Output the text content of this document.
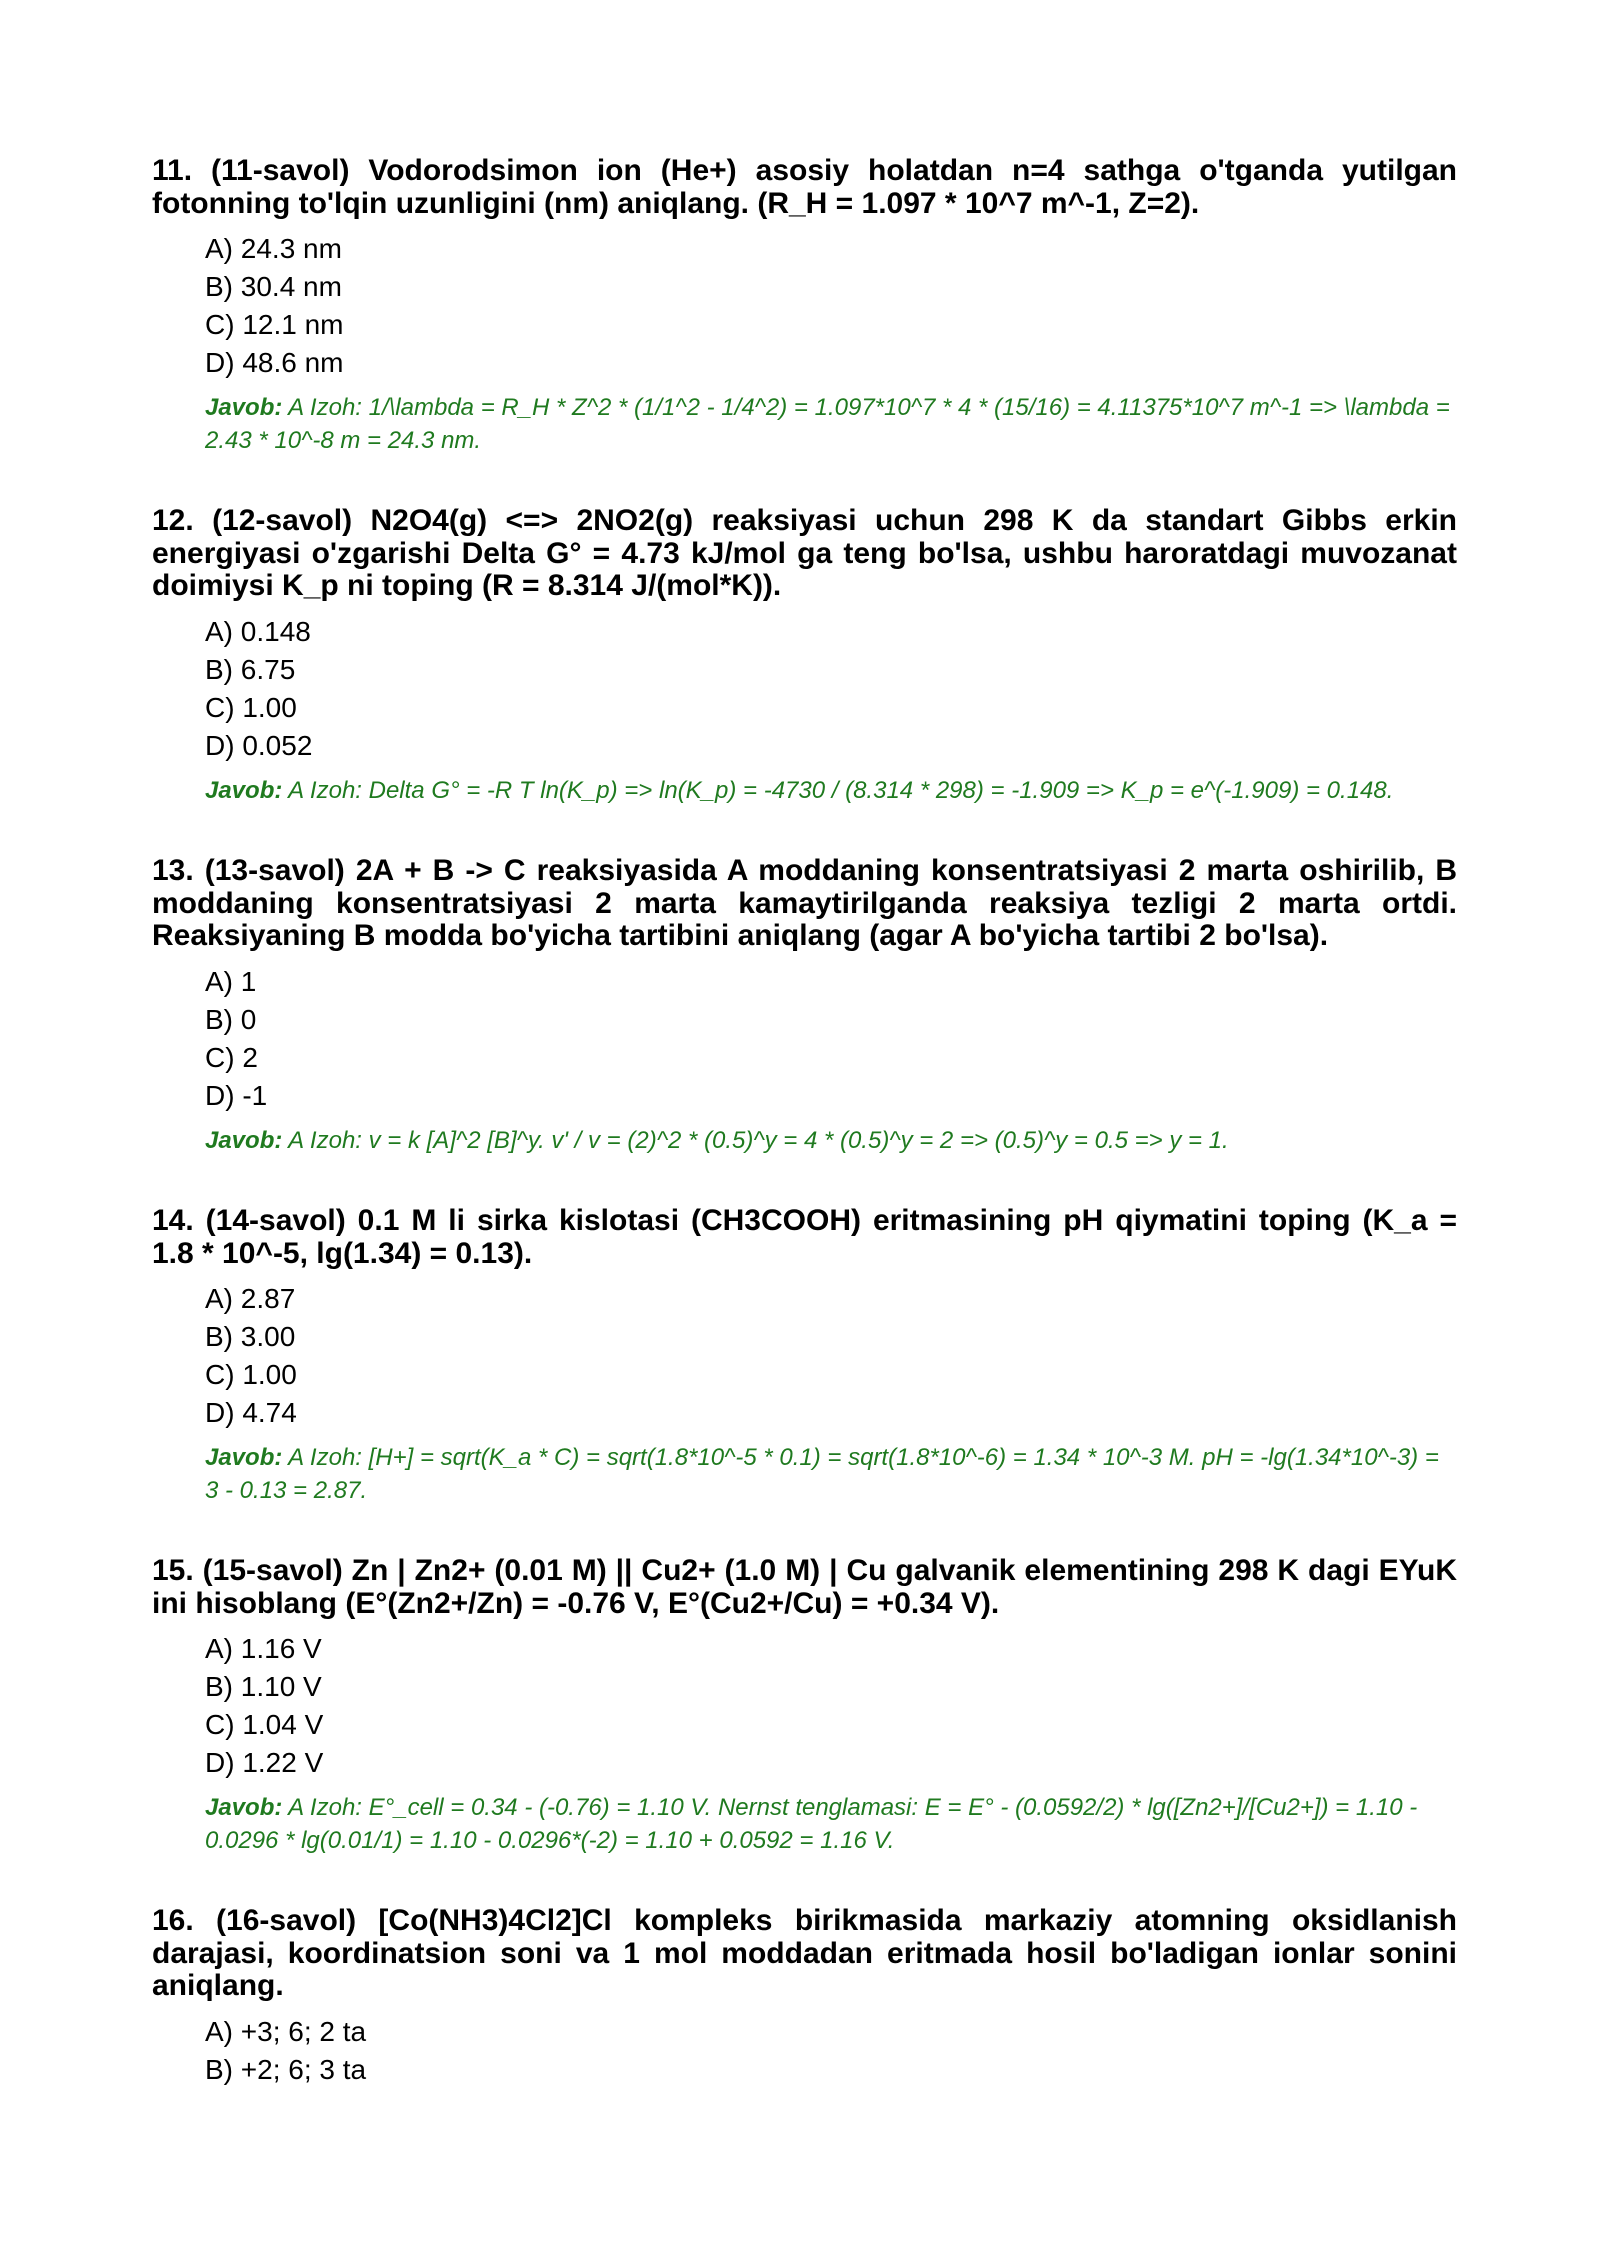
11. (11-savol) Vodorodsimon ion (He+) asosiy holatdan n=4 sathga o'tganda yutilgan fotonning to'lqin uzunligini (nm) aniqlang. (R_H = 1.097 * 10^7 m^-1, Z=2).

A) 24.3 nm
B) 30.4 nm
C) 12.1 nm
D) 48.6 nm
Javob: A Izoh: 1/\lambda = R_H * Z^2 * (1/1^2 - 1/4^2) = 1.097*10^7 * 4 * (15/16) = 4.11375*10^7 m^-1 => \lambda = 2.43 * 10^-8 m = 24.3 nm.

12. (12-savol) N2O4(g) <=> 2NO2(g) reaksiyasi uchun 298 K da standart Gibbs erkin energiyasi o'zgarishi Delta G° = 4.73 kJ/mol ga teng bo'lsa, ushbu haroratdagi muvozanat doimiysi K_p ni toping (R = 8.314 J/(mol*K)).

A) 0.148
B) 6.75
C) 1.00
D) 0.052
Javob: A Izoh: Delta G° = -R T ln(K_p) => ln(K_p) = -4730 / (8.314 * 298) = -1.909 => K_p = e^(-1.909) = 0.148.

13. (13-savol) 2A + B -> C reaksiyasida A moddaning konsentratsiyasi 2 marta oshirilib, B moddaning konsentratsiyasi 2 marta kamaytirilganda reaksiya tezligi 2 marta ortdi. Reaksiyaning B modda bo'yicha tartibini aniqlang (agar A bo'yicha tartibi 2 bo'lsa).

A) 1
B) 0
C) 2
D) -1
Javob: A Izoh: v = k [A]^2 [B]^y. v' / v = (2)^2 * (0.5)^y = 4 * (0.5)^y = 2 => (0.5)^y = 0.5 => y = 1.

14. (14-savol) 0.1 M li sirka kislotasi (CH3COOH) eritmasining pH qiymatini toping (K_a = 1.8 * 10^-5, lg(1.34) = 0.13).

A) 2.87
B) 3.00
C) 1.00
D) 4.74
Javob: A Izoh: [H+] = sqrt(K_a * C) = sqrt(1.8*10^-5 * 0.1) = sqrt(1.8*10^-6) = 1.34 * 10^-3 M. pH = -lg(1.34*10^-3) = 3 - 0.13 = 2.87.

15. (15-savol) Zn | Zn2+ (0.01 M) || Cu2+ (1.0 M) | Cu galvanik elementining 298 K dagi EYuK ini hisoblang (E°(Zn2+/Zn) = -0.76 V, E°(Cu2+/Cu) = +0.34 V).

A) 1.16 V
B) 1.10 V
C) 1.04 V
D) 1.22 V
Javob: A Izoh: E°_cell = 0.34 - (-0.76) = 1.10 V. Nernst tenglamasi: E = E° - (0.0592/2) * lg([Zn2+]/[Cu2+]) = 1.10 - 0.0296 * lg(0.01/1) = 1.10 - 0.0296*(-2) = 1.10 + 0.0592 = 1.16 V.

16. (16-savol) [Co(NH3)4Cl2]Cl kompleks birikmasida markaziy atomning oksidlanish darajasi, koordinatsion soni va 1 mol moddadan eritmada hosil bo'ladigan ionlar sonini aniqlang.

A) +3; 6; 2 ta
B) +2; 6; 3 ta
